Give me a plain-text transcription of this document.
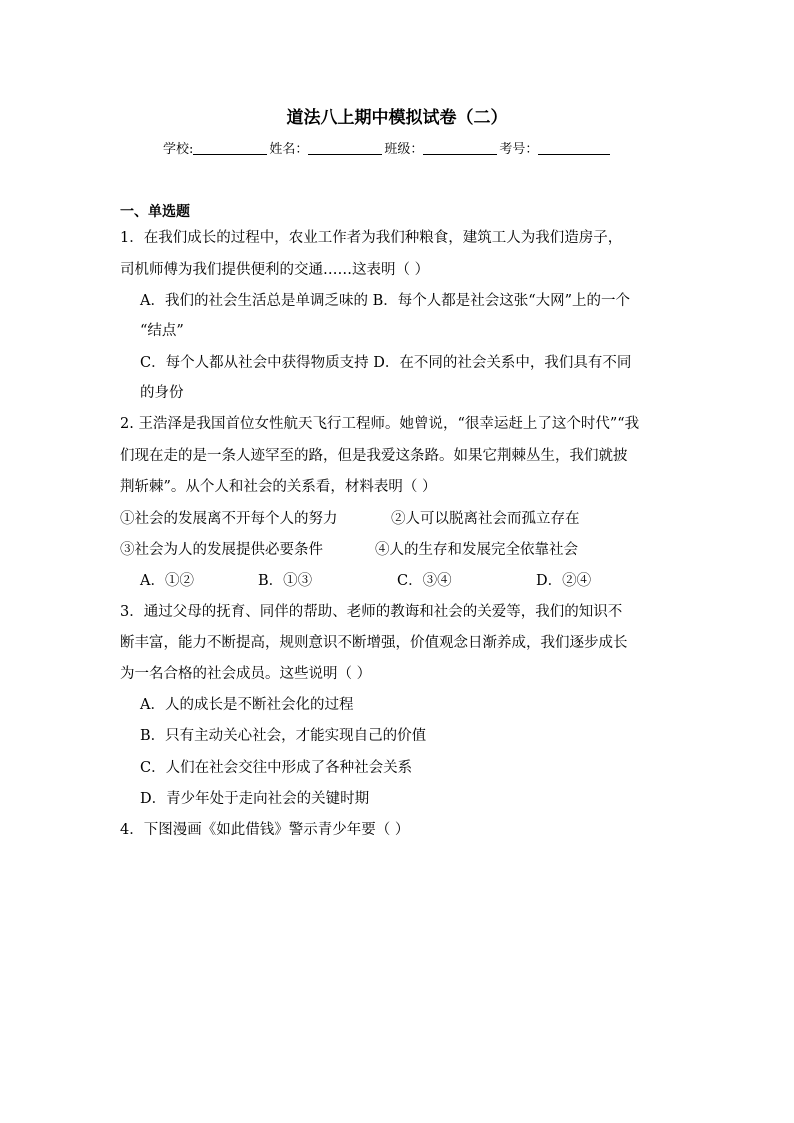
道法八上期中模拟试卷（二）
学校:	姓名：	班级：	考号：
一、单选题
1．在我们成长的过程中，农业工作者为我们种粮食，建筑工人为我们造房子，
司机师傅为我们提供便利的交通……这表明（ ）
A．我们的社会生活总是单调乏味的 B．每个人都是社会这张“大网”上的一个
“结点”
C．每个人都从社会中获得物质支持 D．在不同的社会关系中，我们具有不同
的身份
2. 王浩泽是我国首位女性航天飞行工程师。她曾说，“很幸运赶上了这个时代”“我
们现在走的是一条人迹罕至的路，但是我爱这条路。如果它荆棘丛生，我们就披
荆斩棘”。从个人和社会的关系看，材料表明（ ）
①社会的发展离不开每个人的努力	②人可以脱离社会而孤立存在
③社会为人的发展提供必要条件	④人的生存和发展完全依靠社会
A．①②	B．①③	C．③④	D．②④
3．通过父母的抚育、同伴的帮助、老师的教诲和社会的关爱等，我们的知识不
断丰富，能力不断提高，规则意识不断增强，价值观念日渐养成，我们逐步成长
为一名合格的社会成员。这些说明（ ）
A．人的成长是不断社会化的过程
B．只有主动关心社会，才能实现自己的价值
C．人们在社会交往中形成了各种社会关系
D．青少年处于走向社会的关键时期
4．下图漫画《如此借钱》警示青少年要（ ）
